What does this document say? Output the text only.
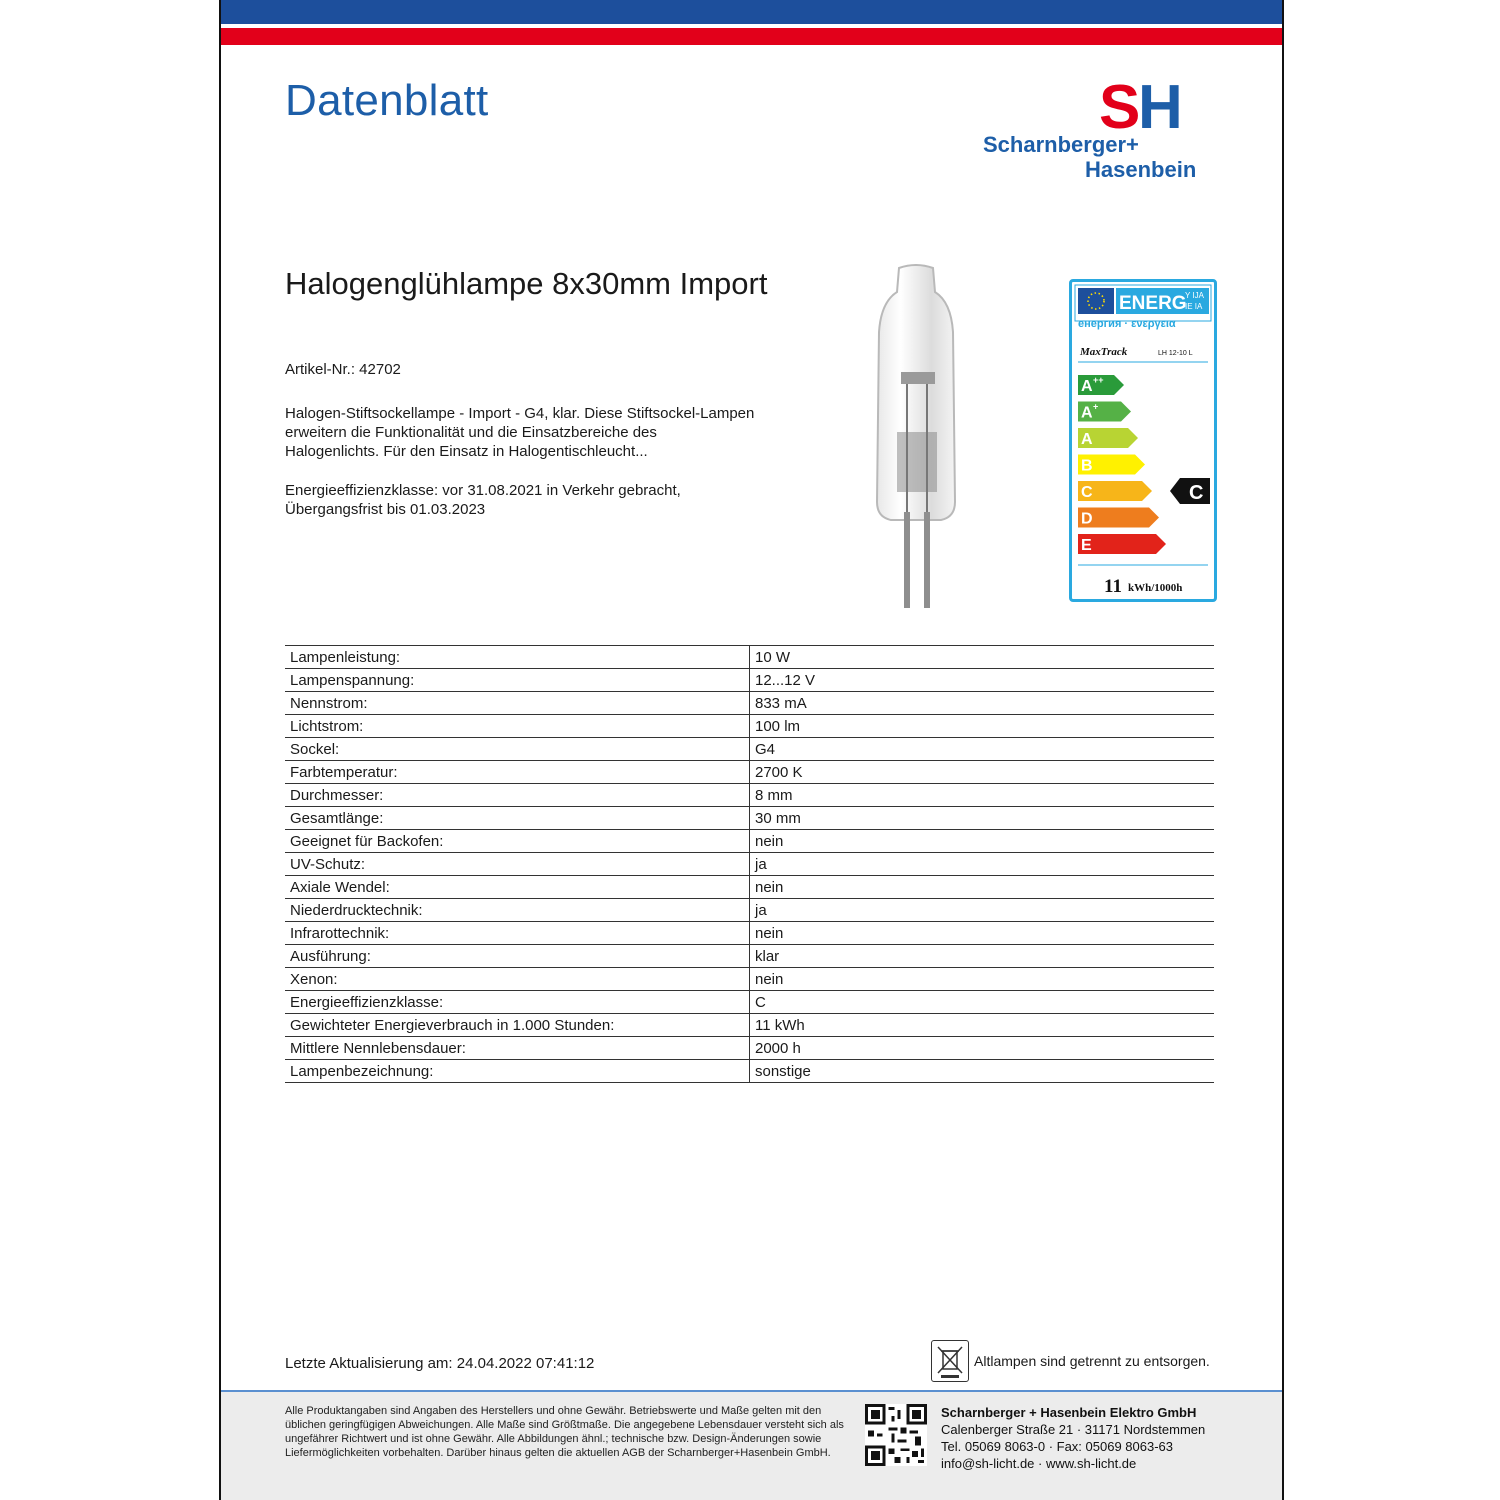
Datenblatt	S
H
Scharnberger+
Hasenbein
Halogenglühlampe 8x30mm Import
Artikel-Nr.: 42702
Halogen-Stiftsockellampe - Import - G4, klar. Diese Stiftsockel-Lampen erweitern die Funktionalität und die Einsatzbereiche des Halogenlichts. Für den Einsatz in Halogentischleucht...
Energieeffizienzklasse: vor 31.08.2021 in Verkehr gebracht, Übergangsfrist bis 01.03.2023
ENERG
Y IJA
IE IA
енергия · ενεργεια
MaxTrack	LH 12-10 L
A ++
A +
A
B
C
D
E
C
11 kWh/1000h
Lampenleistung:	10 W
Lampenspannung:	12...12 V
Nennstrom:	833 mA
Lichtstrom:	100 lm
Sockel:	G4
Farbtemperatur:	2700 K
Durchmesser:	8 mm
Gesamtlänge:	30 mm
Geeignet für Backofen:	nein
UV-Schutz:	ja
Axiale Wendel:	nein
Niederdrucktechnik:	ja
Infrarottechnik:	nein
Ausführung:	klar
Xenon:	nein
Energieeffizienzklasse:	C
Gewichteter Energieverbrauch in 1.000 Stunden:	11 kWh
Mittlere Nennlebensdauer:	2000 h
Lampenbezeichnung:	sonstige
Letzte Aktualisierung am: 24.04.2022 07:41:12	Altlampen sind getrennt zu entsorgen.
Alle Produktangaben sind Angaben des Herstellers und ohne Gewähr. Betriebswerte und Maße gelten mit den üblichen geringfügigen Abweichungen. Alle Maße sind Größtmaße. Die angegebene Lebensdauer versteht sich als ungefährer Richtwert und ist ohne Gewähr. Alle Abbildungen ähnl.; technische bzw. Design-Änderungen sowie Liefermöglichkeiten vorbehalten. Darüber hinaus gelten die aktuellen AGB der Scharnberger+Hasenbein GmbH.
Scharnberger + Hasenbein Elektro GmbH
Calenberger Straße 21 · 31171 Nordstemmen
Tel. 05069 8063-0 · Fax: 05069 8063-63
info@sh-licht.de · www.sh-licht.de
